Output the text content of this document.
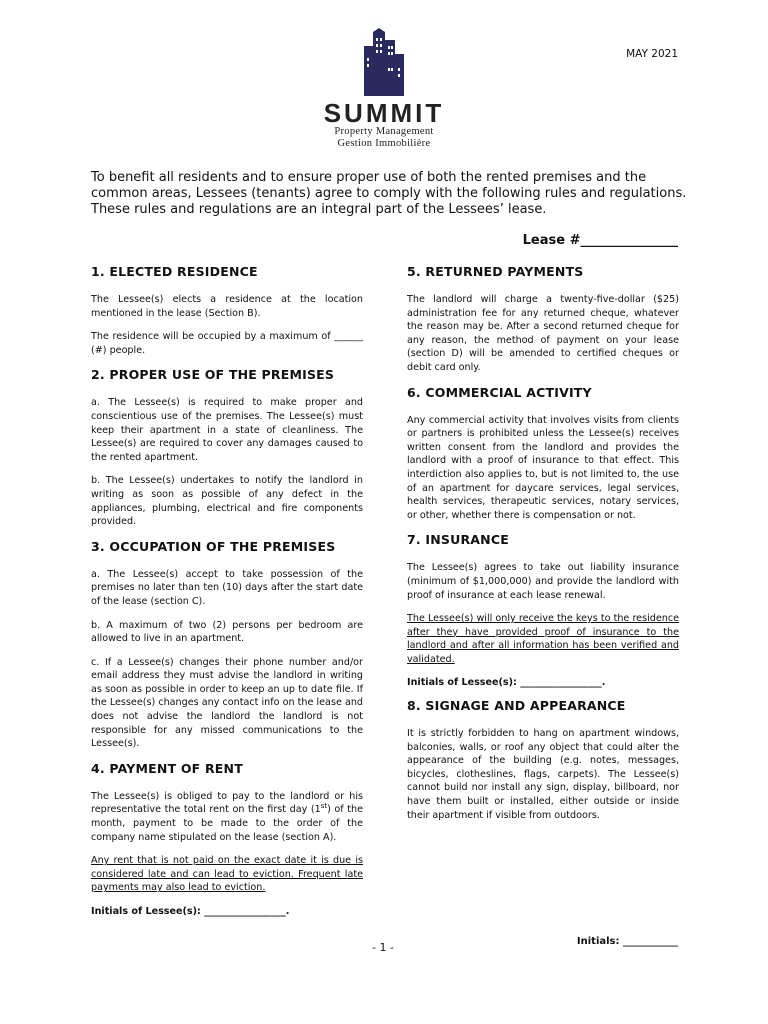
SUMMIT
Property Management
Gestion Immobilière
MAY 2021

To benefit all residents and to ensure proper use of both the rented premises and the common areas, Lessees (tenants) agree to comply with the following rules and regulations.

These rules and regulations are an integral part of the Lessees’ lease.

Lease #_______________
1. ELECTED RESIDENCE

The Lessee(s) elects a residence at the location mentioned in the lease (Section B).

The residence will be occupied by a maximum of ______ (#) people.

2. PROPER USE OF THE PREMISES

a. The Lessee(s) is required to make proper and conscientious use of the premises. The Lessee(s) must keep their apartment in a state of cleanliness. The Lessee(s) are required to cover any damages caused to the rented apartment.

b. The Lessee(s) undertakes to notify the landlord in writing as soon as possible of any defect in the appliances, plumbing, electrical and fire components provided.

3. OCCUPATION OF THE PREMISES

a. The Lessee(s) accept to take possession of the premises no later than ten (10) days after the start date of the lease (section C).

b. A maximum of two (2) persons per bedroom are allowed to live in an apartment.

c. If a Lessee(s) changes their phone number and/or email address they must advise the landlord in writing as soon as possible in order to keep an up to date file. If the Lessee(s) changes any contact info on the lease and does not advise the landlord the landlord is not responsible for any missed communications to the Lessee(s).

4. PAYMENT OF RENT

The Lessee(s) is obliged to pay to the landlord or his representative the total rent on the first day (1st) of the month, payment to be made to the order of the company name stipulated on the lease (section A).

Any rent that is not paid on the exact date it is due is considered late and can lead to eviction. Frequent late payments may also lead to eviction.

Initials of Lessee(s): _________________.

5. RETURNED PAYMENTS

The landlord will charge a twenty-five-dollar ($25) administration fee for any returned cheque, whatever the reason may be. After a second returned cheque for any reason, the method of payment on your lease (section D) will be amended to certified cheques or debit card only.

6. COMMERCIAL ACTIVITY

Any commercial activity that involves visits from clients or partners is prohibited unless the Lessee(s) receives written consent from the landlord and provides the landlord with a proof of insurance to that effect. This interdiction also applies to, but is not limited to, the use of an apartment for daycare services, legal services, health services, therapeutic services, notary services, or other, whether there is compensation or not.

7. INSURANCE

The Lessee(s) agrees to take out liability insurance (minimum of $1,000,000) and provide the landlord with proof of insurance at each lease renewal.

The Lessee(s) will only receive the keys to the residence after they have provided proof of insurance to the landlord and after all information has been verified and validated.

Initials of Lessee(s): _________________.

8. SIGNAGE AND APPEARANCE

It is strictly forbidden to hang on apartment windows, balconies, walls, or roof any object that could alter the appearance of the building (e.g. notes, messages, bicycles, clotheslines, flags, carpets). The Lessee(s) cannot build nor install any sign, display, billboard, nor have them built or installed, either outside or inside their apartment if visible from outdoors.

- 1 -	Initials: ___________
